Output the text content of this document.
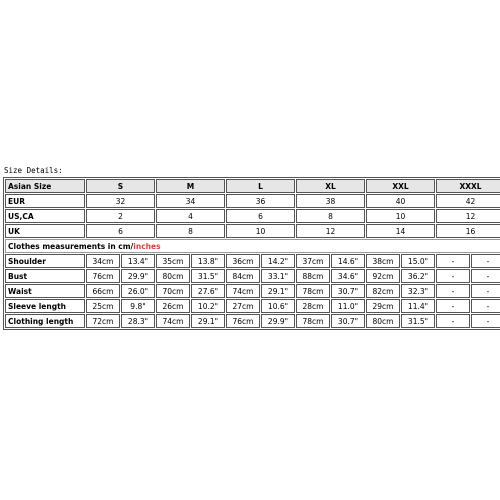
Size Details:
Asian Size	S		M		L		XL		XXL		XXXL	
EUR	32		34		36		38		40		42	
US,CA	2		4		6		8		10		12	
UK	6		8		10		12		14		16	
Clothes measurements in cm/inches												
Shoulder	34cm	13.4"	35cm	13.8"	36cm	14.2"	37cm	14.6"	38cm	15.0"	-	-
Bust	76cm	29.9"	80cm	31.5"	84cm	33.1"	88cm	34.6"	92cm	36.2"	-	-
Waist	66cm	26.0"	70cm	27.6"	74cm	29.1"	78cm	30.7"	82cm	32.3"	-	-
Sleeve length	25cm	9.8"	26cm	10.2"	27cm	10.6"	28cm	11.0"	29cm	11.4"	-	-
Clothing length	72cm	28.3"	74cm	29.1"	76cm	29.9"	78cm	30.7"	80cm	31.5"	-	-
